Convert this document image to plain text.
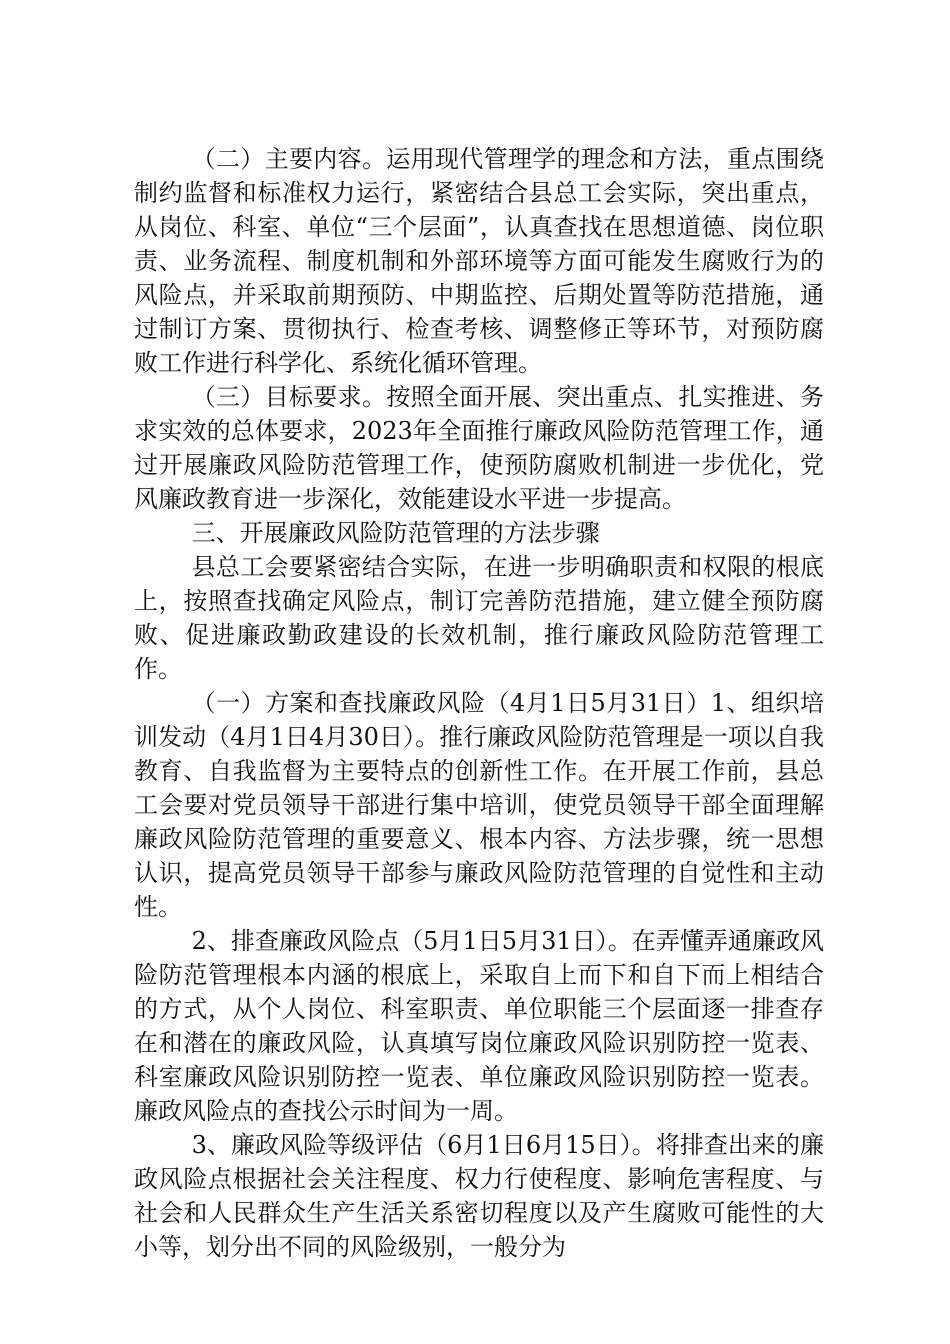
（二）主要内容。运用现代管理学的理念和方法，重点围绕制约监督和标准权力运行，紧密结合县总工会实际，突出重点，从岗位、科室、单位“三个层面”，认真查找在思想道德、岗位职责、业务流程、制度机制和外部环境等方面可能发生腐败行为的风险点，并采取前期预防、中期监控、后期处置等防范措施，通过制订方案、贯彻执行、检查考核、调整修正等环节，对预防腐败工作进行科学化、系统化循环管理。

（三）目标要求。按照全面开展、突出重点、扎实推进、务求实效的总体要求，2023年全面推行廉政风险防范管理工作，通过开展廉政风险防范管理工作，使预防腐败机制进一步优化，党风廉政教育进一步深化，效能建设水平进一步提高。

三、开展廉政风险防范管理的方法步骤

县总工会要紧密结合实际，在进一步明确职责和权限的根底上，按照查找确定风险点，制订完善防范措施，建立健全预防腐败、促进廉政勤政建设的长效机制，推行廉政风险防范管理工作。

（一）方案和查找廉政风险（4月1日5月31日）1、组织培训发动（4月1日4月30日）。推行廉政风险防范管理是一项以自我教育、自我监督为主要特点的创新性工作。在开展工作前，县总工会要对党员领导干部进行集中培训，使党员领导干部全面理解廉政风险防范管理的重要意义、根本内容、方法步骤，统一思想认识，提高党员领导干部参与廉政风险防范管理的自觉性和主动性。

2、排查廉政风险点（5月1日5月31日）。在弄懂弄通廉政风险防范管理根本内涵的根底上，采取自上而下和自下而上相结合的方式，从个人岗位、科室职责、单位职能三个层面逐一排查存在和潜在的廉政风险，认真填写岗位廉政风险识别防控一览表、科室廉政风险识别防控一览表、单位廉政风险识别防控一览表。廉政风险点的查找公示时间为一周。

3、廉政风险等级评估（6月1日6月15日）。将排查出来的廉政风险点根据社会关注程度、权力行使程度、影响危害程度、与社会和人民群众生产生活关系密切程度以及产生腐败可能性的大小等，划分出不同的风险级别，一般分为
